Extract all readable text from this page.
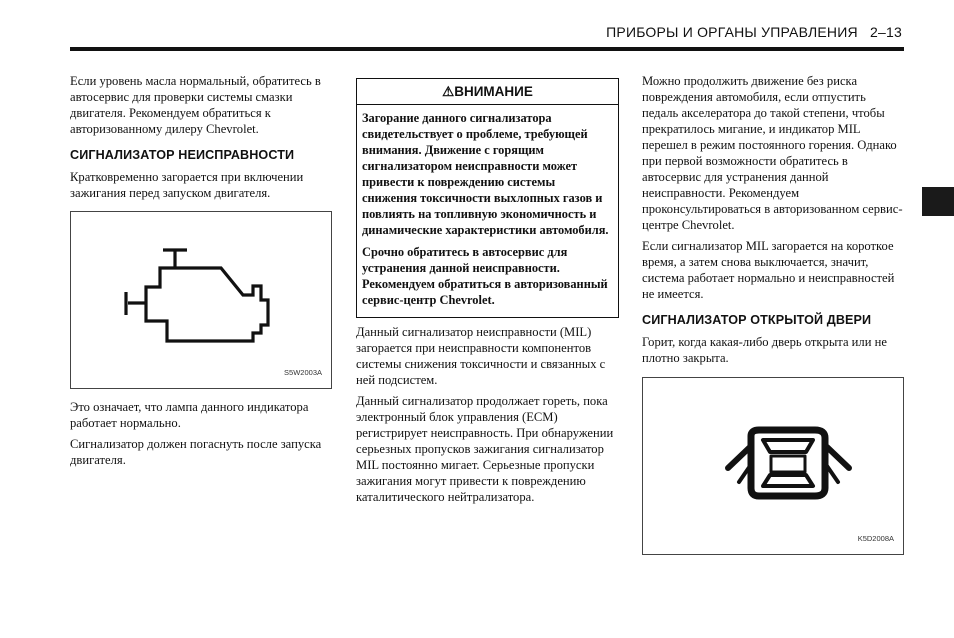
ПРИБОРЫ И ОРГАНЫ УПРАВЛЕНИЯ   2–13

Если уровень масла нормальный, обратитесь в автосервис для проверки системы смазки двигателя. Рекомендуем обратиться к авторизованному дилеру Chevrolet.

СИГНАЛИЗАТОР НЕИСПРАВНОСТИ

Кратковременно загорается при включении зажигания перед запуском двигателя.

S5W2003A

Это означает, что лампа данного индикатора работает нормально.

Сигнализатор должен погаснуть после запуска двигателя.

⚠ВНИМАНИЕ

Загорание данного сигнализатора свидетельствует о проблеме, требующей внимания. Движение с горящим сигнализатором неисправности может привести к повреждению системы снижения токсичности выхлопных газов и повлиять на топливную экономичность и динамические характеристики автомобиля.

Срочно обратитесь в автосервис для устранения данной неисправности. Рекомендуем обратиться в авторизованный сервис-центр Chevrolet.

Данный сигнализатор неисправности (MIL) загорается при неисправности компонентов системы снижения токсичности и связанных с ней подсистем.

Данный сигнализатор продолжает гореть, пока электронный блок управления (ECM) регистрирует неисправность. При обнаружении серьезных пропусков зажигания сигнализатор MIL постоянно мигает. Серьезные пропуски зажигания могут привести к повреждению каталитического нейтрализатора.

Можно продолжить движение без риска повреждения автомобиля, если отпустить педаль акселератора до такой степени, чтобы прекратилось мигание, и индикатор MIL перешел в режим постоянного горения. Однако при первой возможности обратитесь в автосервис для устранения данной неисправности. Рекомендуем проконсультироваться в авторизованном сервис-центре Chevrolet.

Если сигнализатор MIL загорается на короткое время, а затем снова выключается, значит, система работает нормально и неисправностей не имеется.

СИГНАЛИЗАТОР ОТКРЫТОЙ ДВЕРИ

Горит, когда какая-либо дверь открыта или не плотно закрыта.

K5D2008A
